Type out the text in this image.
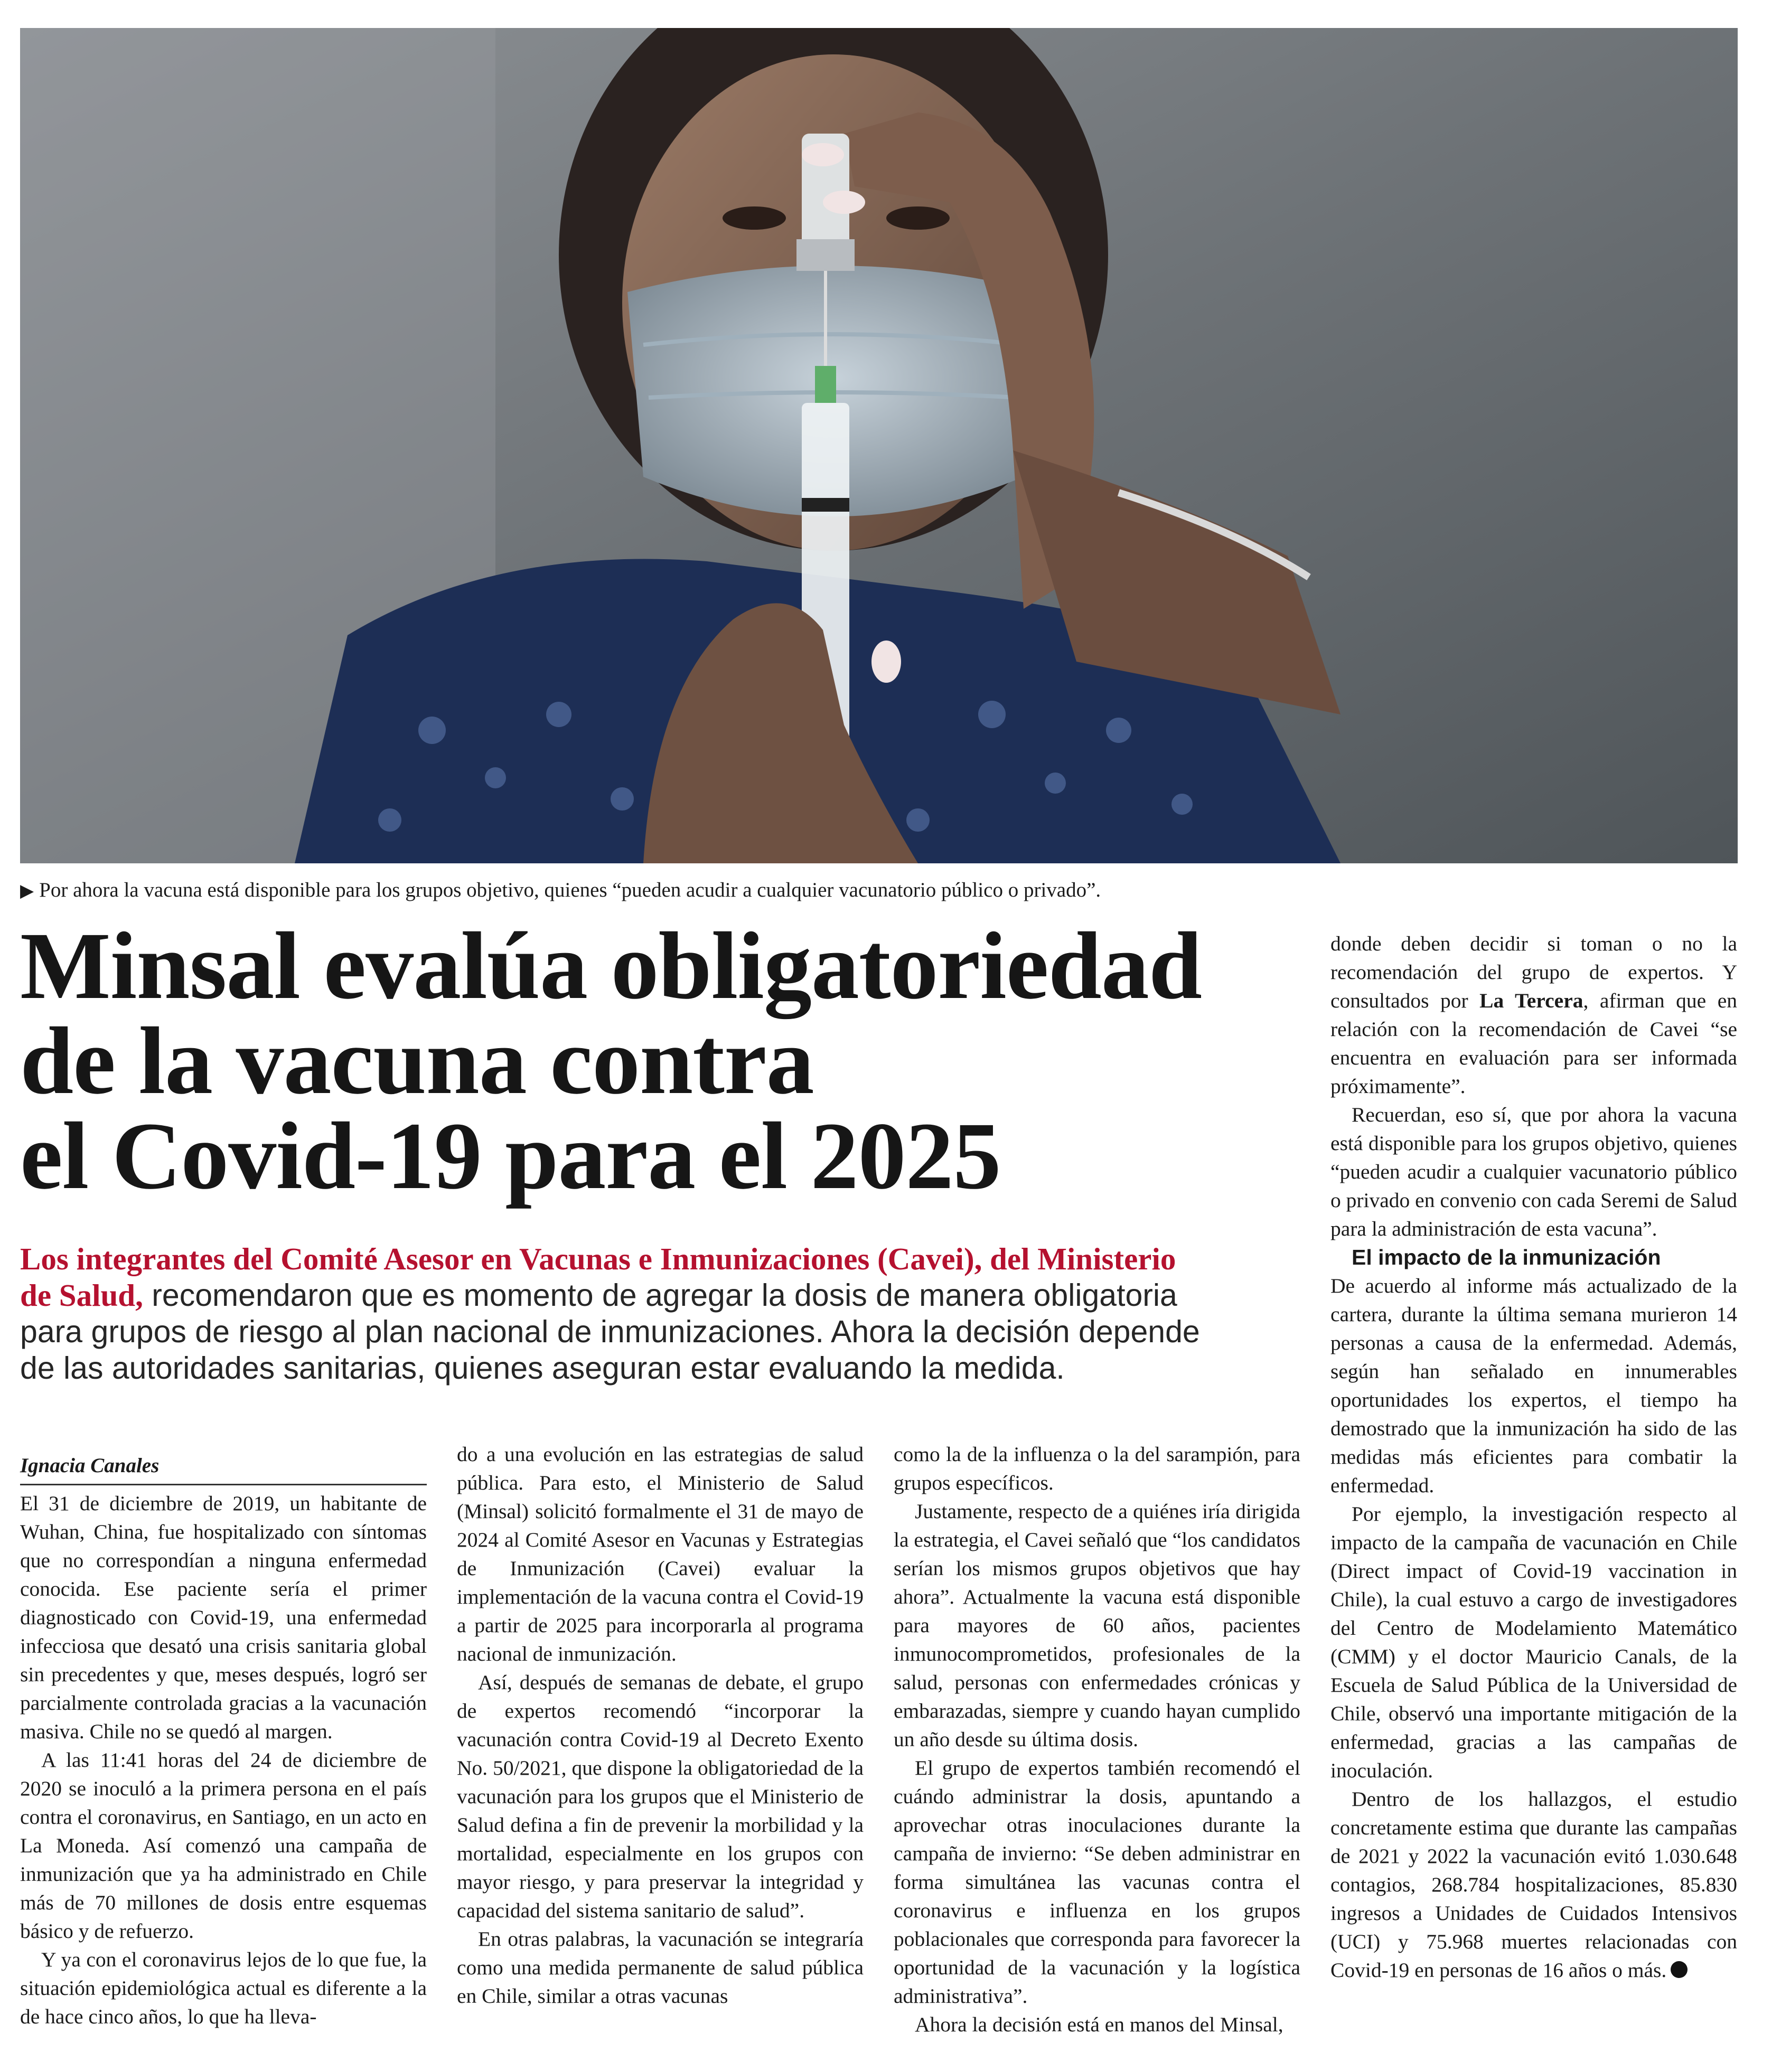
▶ Por ahora la vacuna está disponible para los grupos objetivo, quienes “pueden acudir a cualquier vacunatorio público o privado”.
Minsal evalúa obligatoriedad
de la vacuna contra
el Covid-19 para el 2025
Los integrantes del Comité Asesor en Vacunas e Inmunizaciones (Cavei), del Ministerio de Salud, recomendaron que es momento de agregar la dosis de manera obligatoria para grupos de riesgo al plan nacional de inmunizaciones. Ahora la decisión depende de las autoridades sanitarias, quienes aseguran estar evaluando la medida.
Ignacia Canales

El 31 de diciembre de 2019, un habitante de Wuhan, China, fue hospitalizado con síntomas que no correspondían a ninguna enfermedad conocida. Ese paciente sería el primer diagnosticado con Covid-19, una enfermedad infecciosa que desató una crisis sanitaria global sin precedentes y que, meses después, logró ser parcialmente controlada gracias a la vacunación masiva. Chile no se quedó al margen.

A las 11:41 horas del 24 de diciembre de 2020 se inoculó a la primera persona en el país contra el coronavirus, en Santiago, en un acto en La Moneda. Así comenzó una campaña de inmunización que ya ha administrado en Chile más de 70 millones de dosis entre esquemas básico y de refuerzo.

Y ya con el coronavirus lejos de lo que fue, la situación epidemiológica actual es diferente a la de hace cinco años, lo que ha lleva-

do a una evolución en las estrategias de salud pública. Para esto, el Ministerio de Salud (Minsal) solicitó formalmente el 31 de mayo de 2024 al Comité Asesor en Vacunas y Estrategias de Inmunización (Cavei) evaluar la implementación de la vacuna contra el Covid-19 a partir de 2025 para incorporarla al programa nacional de inmunización.

Así, después de semanas de debate, el grupo de expertos recomendó “incorporar la vacunación contra Covid-19 al Decreto Exento No. 50/2021, que dispone la obligatoriedad de la vacunación para los grupos que el Ministerio de Salud defina a fin de prevenir la morbilidad y la mortalidad, especialmente en los grupos con mayor riesgo, y para preservar la integridad y capacidad del sistema sanitario de salud”.

En otras palabras, la vacunación se integraría como una medida permanente de salud pública en Chile, similar a otras vacunas

como la de la influenza o la del sarampión, para grupos específicos.

Justamente, respecto de a quiénes iría dirigida la estrategia, el Cavei señaló que “los candidatos serían los mismos grupos objetivos que hay ahora”. Actualmente la vacuna está disponible para mayores de 60 años, pacientes inmunocomprometidos, profesionales de la salud, personas con enfermedades crónicas y embarazadas, siempre y cuando hayan cumplido un año desde su última dosis.

El grupo de expertos también recomendó el cuándo administrar la dosis, apuntando a aprovechar otras inoculaciones durante la campaña de invierno: “Se deben administrar en forma simultánea las vacunas contra el coronavirus e influenza en los grupos poblacionales que corresponda para favorecer la oportunidad de la vacunación y la logística administrativa”.

Ahora la decisión está en manos del Minsal,

donde deben decidir si toman o no la recomendación del grupo de expertos. Y consultados por La Tercera, afirman que en relación con la recomendación de Cavei “se encuentra en evaluación para ser informada próximamente”.

Recuerdan, eso sí, que por ahora la vacuna está disponible para los grupos objetivo, quienes “pueden acudir a cualquier vacunatorio público o privado en convenio con cada Seremi de Salud para la administración de esta vacuna”.

El impacto de la inmunización

De acuerdo al informe más actualizado de la cartera, durante la última semana murieron 14 personas a causa de la enfermedad. Además, según han señalado en innumerables oportunidades los expertos, el tiempo ha demostrado que la inmunización ha sido de las medidas más eficientes para combatir la enfermedad.

Por ejemplo, la investigación respecto al impacto de la campaña de vacunación en Chile (Direct impact of Covid-19 vaccination in Chile), la cual estuvo a cargo de investigadores del Centro de Modelamiento Matemático (CMM) y el doctor Mauricio Canals, de la Escuela de Salud Pública de la Universidad de Chile, observó una importante mitigación de la enfermedad, gracias a las campañas de inoculación.

Dentro de los hallazgos, el estudio concretamente estima que durante las campañas de 2021 y 2022 la vacunación evitó 1.030.648 contagios, 268.784 hospitalizaciones, 85.830 ingresos a Unidades de Cuidados Intensivos (UCI) y 75.968 muertes relacionadas con Covid-19 en personas de 16 años o más.
